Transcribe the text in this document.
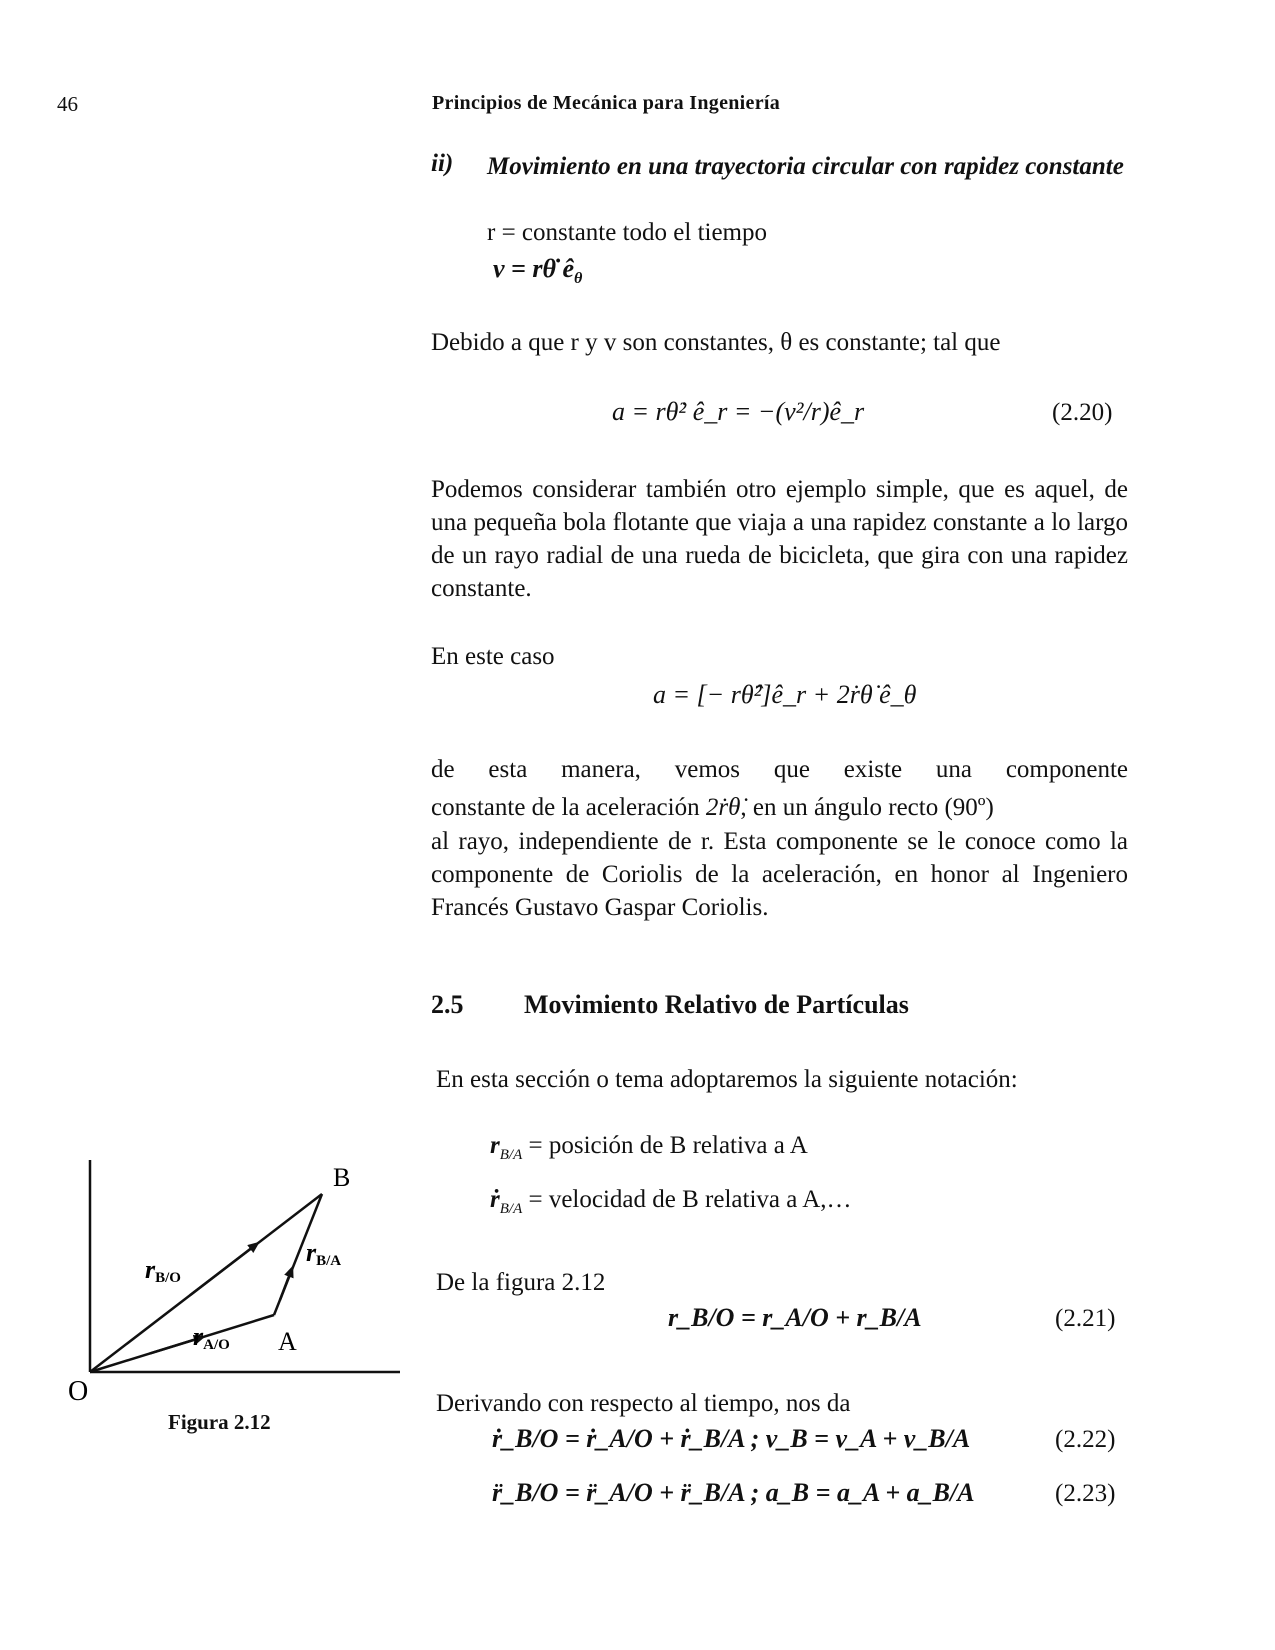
46	Principios de Mecánica para Ingeniería
ii) Movimiento en una trayectoria circular con rapidez constante
r = constante todo el tiempo
v = rθ̇ $ê_\theta$
Debido a que r y v son constantes, θ es constante; tal que
a = rθ̇² ê_r = −(v²/r)ê_r	(2.20)
Podemos considerar también otro ejemplo simple, que es aquel, de una pequeña bola flotante que viaja a una rapidez constante a lo largo de un rayo radial de una rueda de bicicleta, que gira con una rapidez constante.
En este caso
a = [− rθ̂²]ê_r + 2ṙθ̇ ê_θ
de esta manera, vemos que existe una componente
constante de la aceleración 2ṙθ̇, en un ángulo recto (90º)
al rayo, independiente de r. Esta componente se le conoce como la componente de Coriolis de la aceleración, en honor al Ingeniero Francés Gustavo Gaspar Coriolis.
2.5 Movimiento Relativo de Partículas
En esta sección o tema adoptaremos la siguiente notación:
$r_{B/A}$ = posición de B relativa a A
ṙ$_{B/A}$ = velocidad de B relativa a A,…
De la figura 2.12
r_B/O = r_A/O + r_B/A	(2.21)
Derivando con respecto al tiempo, nos da
ṙ_B/O = ṙ_A/O + ṙ_B/A ; v_B = v_A + v_B/A	(2.22)
r̈_B/O = r̈_A/O + r̈_B/A ; a_B = a_A + a_B/A	(2.23)
O
A
B
rB/O
rA/O
rB/A
Figura 2.12
